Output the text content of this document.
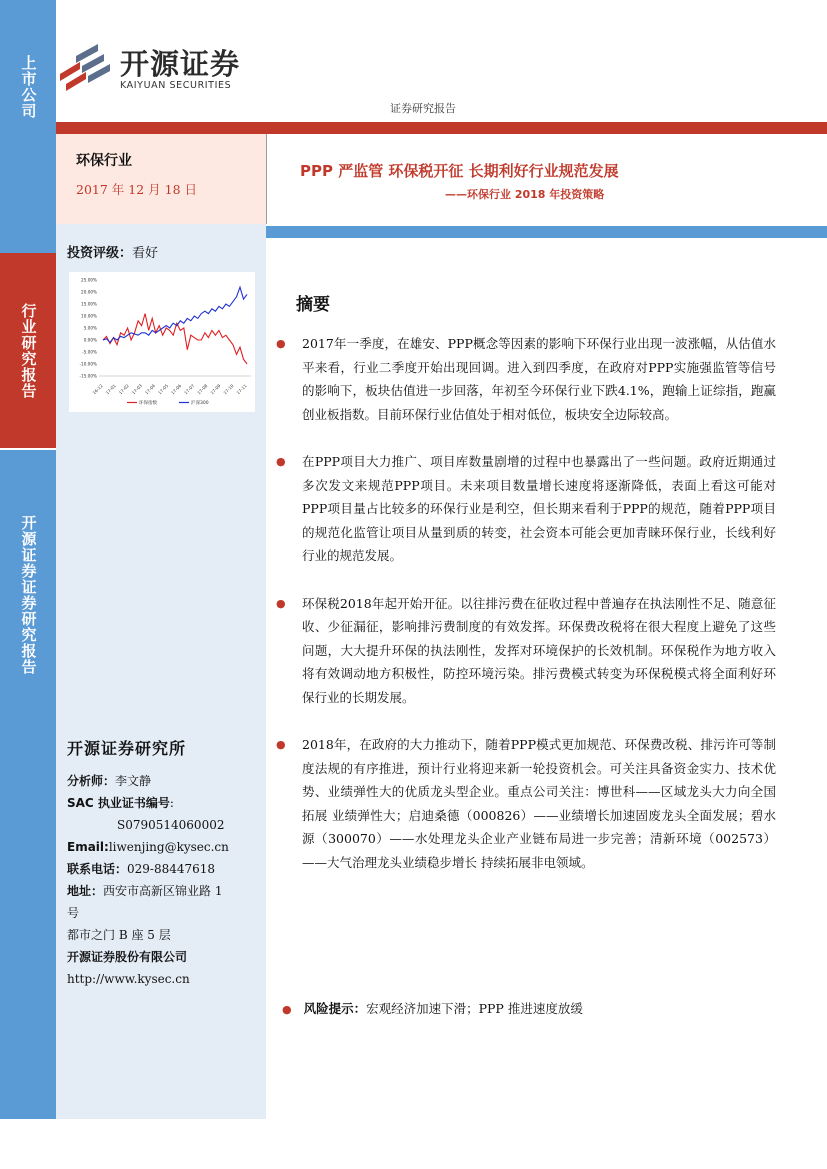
上市公司
行业研究报告
开源证券证券研究报告
开源证券
KAIYUAN SECURITIES
证券研究报告
环保行业
2017 年 12 月 18 日
PPP 严监管 环保税开征 长期利好行业规范发展
——环保行业 2018 年投资策略
投资评级：看好
25.00%
20.00%
15.00%
10.00%
5.00%
0.00%
-5.00%
-10.00%
-15.00%
16-12 17-01 17-02 17-03 17-04 17-05 17-06 17-07 17-08 17-09 17-10 17-11
环保指数	沪深300
开源证券研究所
分析师：李文静
SAC 执业证书编号:
S0790514060002
Email:liwenjing@kysec.cn
联系电话：029-88447618
地址：西安市高新区锦业路 1
号
都市之门 B 座 5 层
开源证券股份有限公司
http://www.kysec.cn
摘要

● 2017年一季度，在雄安、PPP概念等因素的影响下环保行业出现一波涨幅，从估值水平来看，行业二季度开始出现回调。进入到四季度，在政府对PPP实施强监管等信号的影响下，板块估值进一步回落，年初至今环保行业下跌4.1%，跑输上证综指，跑赢创业板指数。目前环保行业估值处于相对低位，板块安全边际较高。

● 在PPP项目大力推广、项目库数量剧增的过程中也暴露出了一些问题。政府近期通过多次发文来规范PPP项目。未来项目数量增长速度将逐渐降低，表面上看这可能对PPP项目量占比较多的环保行业是利空，但长期来看利于PPP的规范，随着PPP项目的规范化监管让项目从量到质的转变，社会资本可能会更加青睐环保行业，长线利好行业的规范发展。

● 环保税2018年起开始开征。以往排污费在征收过程中普遍存在执法刚性不足、随意征收、少征漏征，影响排污费制度的有效发挥。环保费改税将在很大程度上避免了这些问题，大大提升环保的执法刚性，发挥对环境保护的长效机制。环保税作为地方收入将有效调动地方积极性，防控环境污染。排污费模式转变为环保税模式将全面利好环保行业的长期发展。

● 2018年，在政府的大力推动下，随着PPP模式更加规范、环保费改税、排污许可等制度法规的有序推进，预计行业将迎来新一轮投资机会。可关注具备资金实力、技术优势、业绩弹性大的优质龙头型企业。重点公司关注：博世科——区域龙头大力向全国拓展 业绩弹性大；启迪桑德（000826）——业绩增长加速固废龙头全面发展；碧水源（300070）——水处理龙头企业产业链布局进一步完善；清新环境（002573）——大气治理龙头业绩稳步增长 持续拓展非电领域。

● 风险提示：宏观经济加速下滑；PPP 推进速度放缓
